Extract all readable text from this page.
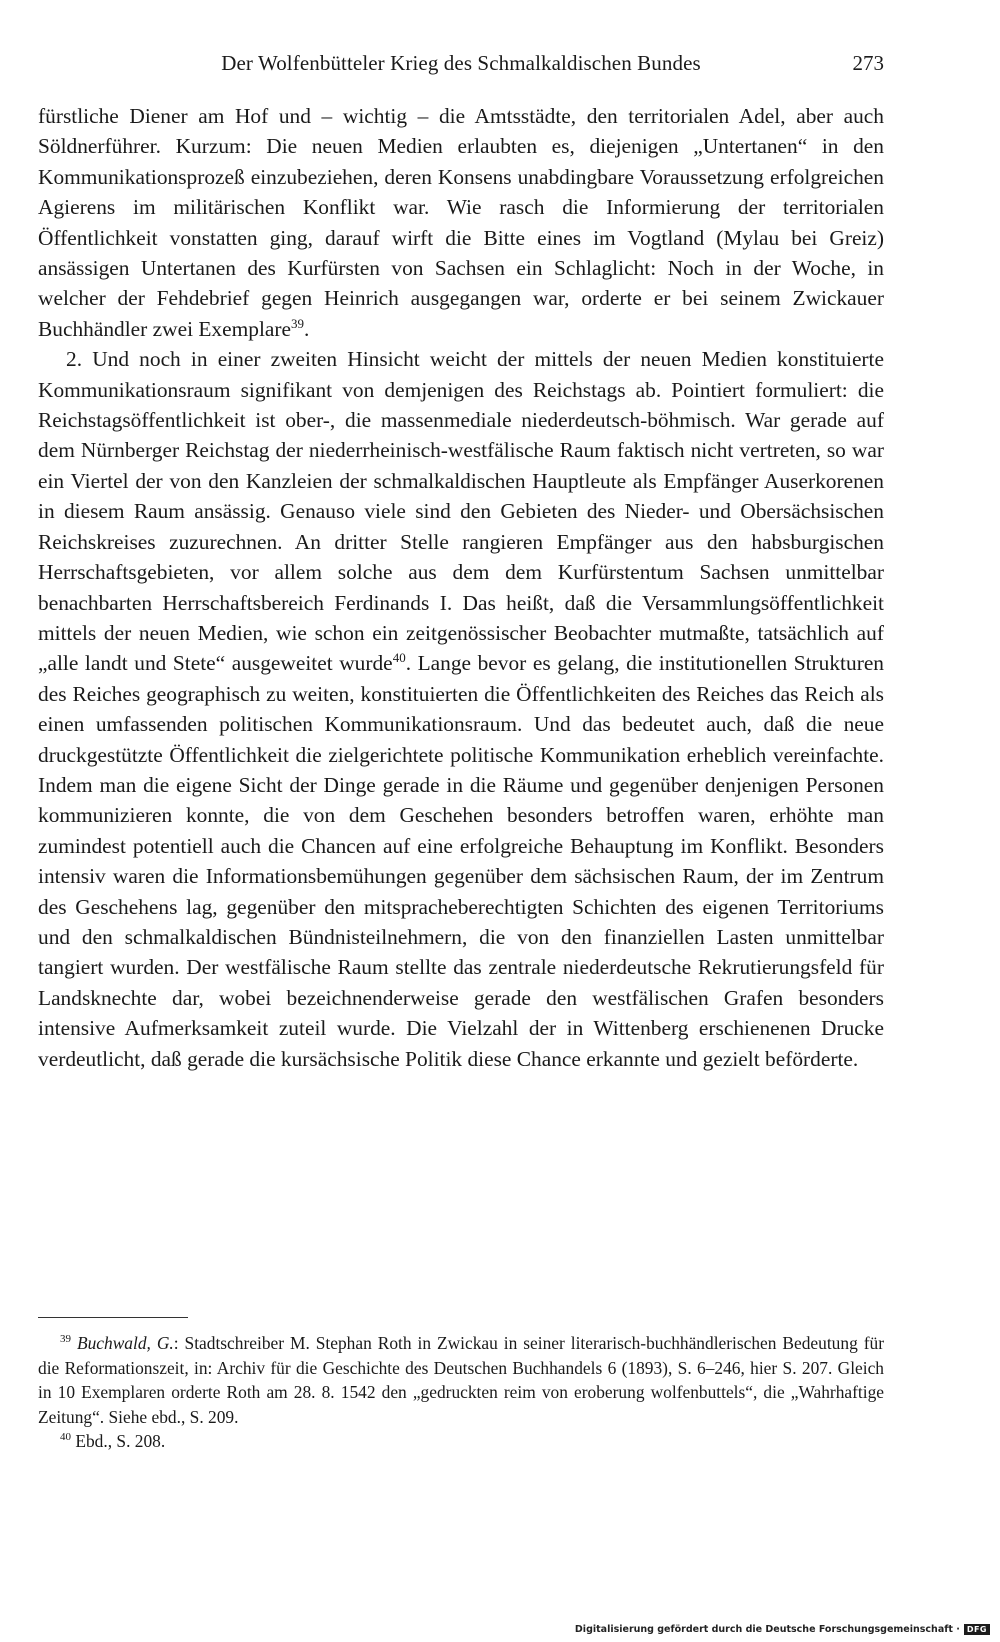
Der Wolfenbütteler Krieg des Schmalkaldischen Bundes	273

fürstliche Diener am Hof und – wichtig – die Amtsstädte, den territorialen Adel, aber auch Söldnerführer. Kurzum: Die neuen Medien erlaubten es, diejenigen „Untertanen“ in den Kommunikationsprozeß einzubeziehen, deren Konsens unabdingbare Voraussetzung erfolgreichen Agierens im militärischen Konflikt war. Wie rasch die Informierung der territorialen Öffentlichkeit vonstatten ging, darauf wirft die Bitte eines im Vogtland (Mylau bei Greiz) ansässigen Untertanen des Kurfürsten von Sachsen ein Schlaglicht: Noch in der Woche, in welcher der Fehdebrief gegen Heinrich ausgegangen war, orderte er bei seinem Zwickauer Buchhändler zwei Exemplare$^{39}$.

2. Und noch in einer zweiten Hinsicht weicht der mittels der neuen Medien konstituierte Kommunikationsraum signifikant von demjenigen des Reichstags ab. Pointiert formuliert: die Reichstagsöffentlichkeit ist ober-, die massenmediale niederdeutsch-böhmisch. War gerade auf dem Nürnberger Reichstag der niederrheinisch-westfälische Raum faktisch nicht vertreten, so war ein Viertel der von den Kanzleien der schmalkaldischen Hauptleute als Empfänger Auserkorenen in diesem Raum ansässig. Genauso viele sind den Gebieten des Nieder- und Obersächsischen Reichskreises zuzurechnen. An dritter Stelle rangieren Empfänger aus den habsburgischen Herrschaftsgebieten, vor allem solche aus dem dem Kurfürstentum Sachsen unmittelbar benachbarten Herrschaftsbereich Ferdinands I. Das heißt, daß die Versammlungsöffentlichkeit mittels der neuen Medien, wie schon ein zeitgenössischer Beobachter mutmaßte, tatsächlich auf „alle landt und Stete“ ausgeweitet wurde$^{40}$. Lange bevor es gelang, die institutionellen Strukturen des Reiches geographisch zu weiten, konstituierten die Öffentlichkeiten des Reiches das Reich als einen umfassenden politischen Kommunikationsraum. Und das bedeutet auch, daß die neue druckgestützte Öffentlichkeit die zielgerichtete politische Kommunikation erheblich vereinfachte. Indem man die eigene Sicht der Dinge gerade in die Räume und gegenüber denjenigen Personen kommunizieren konnte, die von dem Geschehen besonders betroffen waren, erhöhte man zumindest potentiell auch die Chancen auf eine erfolgreiche Behauptung im Konflikt. Besonders intensiv waren die Informationsbemühungen gegenüber dem sächsischen Raum, der im Zentrum des Geschehens lag, gegenüber den mitspracheberechtigten Schichten des eigenen Territoriums und den schmalkaldischen Bündnisteilnehmern, die von den finanziellen Lasten unmittelbar tangiert wurden. Der westfälische Raum stellte das zentrale niederdeutsche Rekrutierungsfeld für Landsknechte dar, wobei bezeichnenderweise gerade den westfälischen Grafen besonders intensive Aufmerksamkeit zuteil wurde. Die Vielzahl der in Wittenberg erschienenen Drucke verdeutlicht, daß gerade die kursächsische Politik diese Chance erkannte und gezielt beförderte.

$^{39}$ Buchwald, G.: Stadtschreiber M. Stephan Roth in Zwickau in seiner literarisch-buchhändlerischen Bedeutung für die Reformationszeit, in: Archiv für die Geschichte des Deutschen Buchhandels 6 (1893), S. 6–246, hier S. 207. Gleich in 10 Exemplaren orderte Roth am 28. 8. 1542 den „gedruckten reim von eroberung wolfenbuttels“, die „Wahrhaftige Zeitung“. Siehe ebd., S. 209.

$^{40}$ Ebd., S. 208.

Digitalisierung gefördert durch die Deutsche Forschungsgemeinschaft
· DFG
